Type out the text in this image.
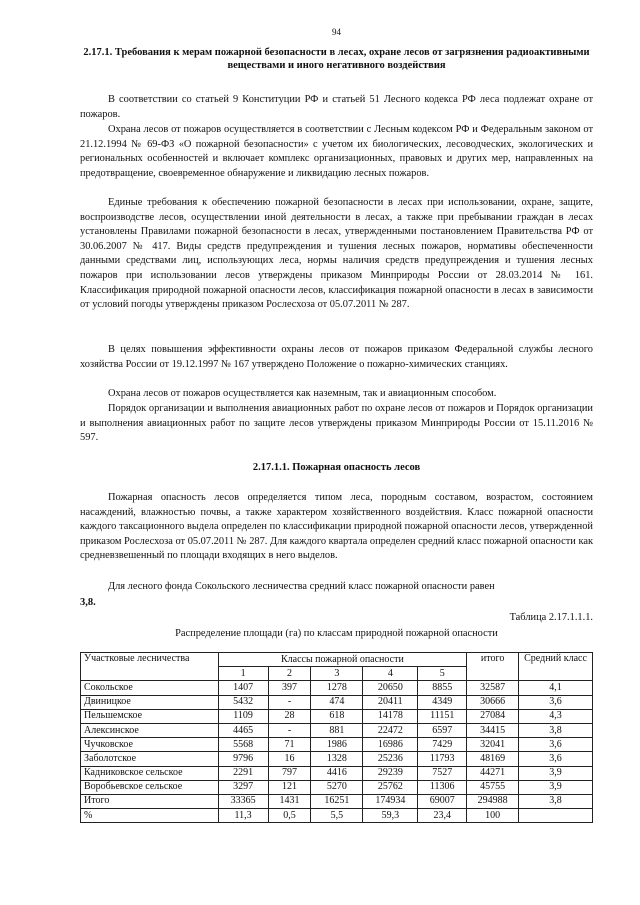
94
2.17.1. Требования к мерам пожарной безопасности в лесах, охране лесов от загрязнения радиоактивными веществами и иного негативного воздействия

В соответствии со статьей 9 Конституции РФ и статьей 51 Лесного кодекса РФ леса подлежат охране от пожаров.

Охрана лесов от пожаров осуществляется в соответствии с Лесным кодексом РФ и Федеральным законом от 21.12.1994 № 69-ФЗ «О пожарной безопасности» с учетом их биологических, лесоводческих, экологических и региональных особенностей и включает комплекс организационных, правовых и других мер, направленных на предотвращение, своевременное обнаружение и ликвидацию лесных пожаров.

Единые требования к обеспечению пожарной безопасности в лесах при использовании, охране, защите, воспроизводстве лесов, осуществлении иной деятельности в лесах, а также при пребывании граждан в лесах установлены Правилами пожарной безопасности в лесах, утвержденными постановлением Правительства РФ от 30.06.2007 № 417. Виды средств предупреждения и тушения лесных пожаров, нормативы обеспеченности данными средствами лиц, использующих леса, нормы наличия средств предупреждения и тушения лесных пожаров при использовании лесов утверждены приказом Минприроды России от 28.03.2014 № 161. Классификация природной пожарной опасности лесов, классификация пожарной опасности в лесах в зависимости от условий погоды утверждены приказом Рослесхоза от 05.07.2011 № 287.

В целях повышения эффективности охраны лесов от пожаров приказом Федеральной службы лесного хозяйства России от 19.12.1997 № 167 утверждено Положение о пожарно-химических станциях.

Охрана лесов от пожаров осуществляется как наземным, так и авиационным способом.

Порядок организации и выполнения авиационных работ по охране лесов от пожаров и Порядок организации и выполнения авиационных работ по защите лесов утверждены приказом Минприроды России от 15.11.2016 № 597.

2.17.1.1. Пожарная опасность лесов

Пожарная опасность лесов определяется типом леса, породным составом, возрастом, состоянием насаждений, влажностью почвы, а также характером хозяйственного воздействия. Класс пожарной опасности каждого таксационного выдела определен по классификации природной пожарной опасности лесов, утвержденной приказом Рослесхоза от 05.07.2011 № 287. Для каждого квартала определен средний класс пожарной опасности как средневзвешенный по площади входящих в него выделов.

Для лесного фонда Сокольского лесничества средний класс пожарной опасности равен

3,8.
Таблица 2.17.1.1.1.
Распределение площади (га) по классам природной пожарной опасности
Участковые лесничества	Классы пожарной опасности					итого	Средний класс
	1	2	3	4	5		
Сокольское	1407	397	1278	20650	8855	32587	4,1
Двиницкое	5432	-	474	20411	4349	30666	3,6
Пельшемское	1109	28	618	14178	11151	27084	4,3
Алексинское	4465	-	881	22472	6597	34415	3,8
Чучковское	5568	71	1986	16986	7429	32041	3,6
Заболотское	9796	16	1328	25236	11793	48169	3,6
Кадниковское сельское	2291	797	4416	29239	7527	44271	3,9
Воробьевское сельское	3297	121	5270	25762	11306	45755	3,9
Итого	33365	1431	16251	174934	69007	294988	3,8
%	11,3	0,5	5,5	59,3	23,4	100	
